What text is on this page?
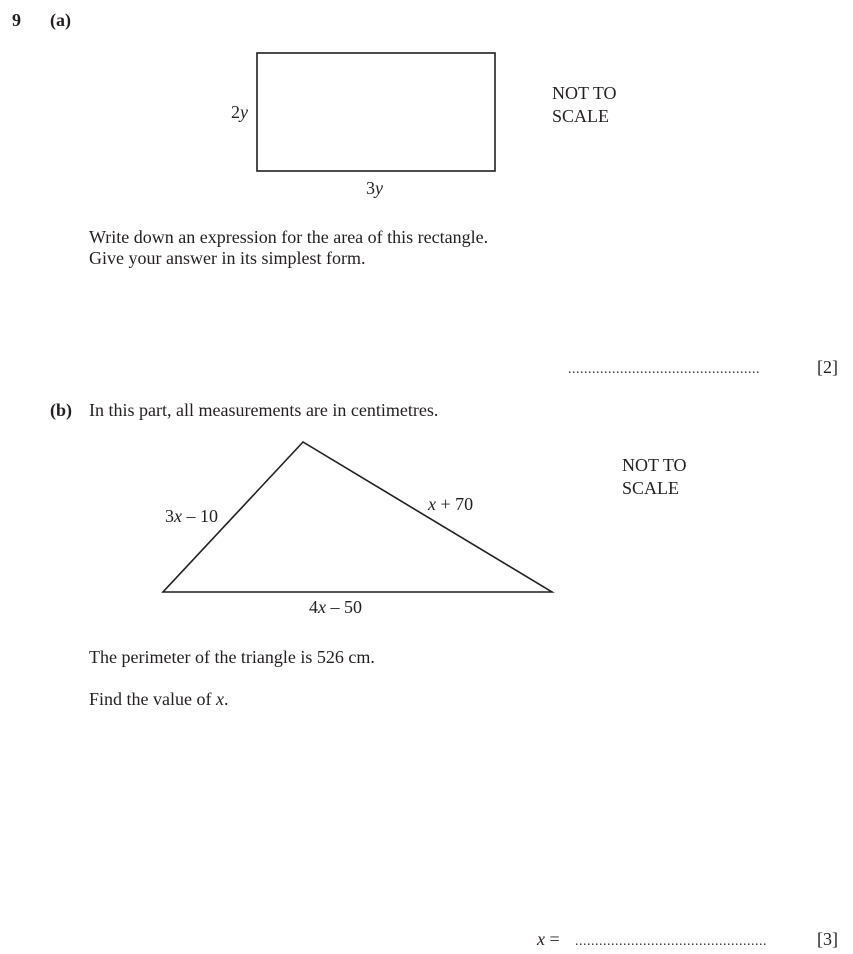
9 (a)
2y
3y
NOT TO
SCALE
Write down an expression for the area of this rectangle.
Give your answer in its simplest form.
................................................	[2]
(b) In this part, all measurements are in centimetres.
3x – 10
x + 70
4x – 50
NOT TO
SCALE
The perimeter of the triangle is 526 cm.
Find the value of x.
x = ................................................	[3]
